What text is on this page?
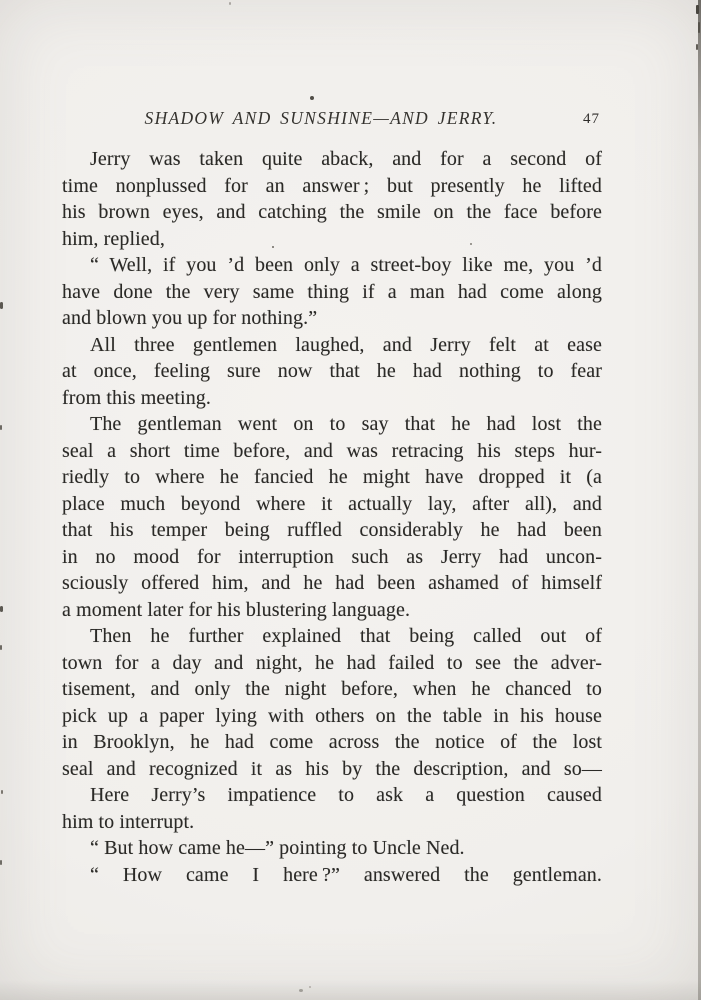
SHADOW AND SUNSHINE—AND JERRY.	47

Jerry was taken quite aback, and for a second of
time nonplussed for an answer ; but presently he lifted
his brown eyes, and catching the smile on the face before
him, replied,

“ Well, if you ’d been only a street-boy like me, you ’d
have done the very same thing if a man had come along
and blown you up for nothing.”

All three gentlemen laughed, and Jerry felt at ease
at once, feeling sure now that he had nothing to fear
from this meeting.

The gentleman went on to say that he had lost the
seal a short time before, and was retracing his steps hur-
riedly to where he fancied he might have dropped it (a
place much beyond where it actually lay, after all), and
that his temper being ruffled considerably he had been
in no mood for interruption such as Jerry had uncon-
sciously offered him, and he had been ashamed of himself
a moment later for his blustering language.

Then he further explained that being called out of
town for a day and night, he had failed to see the adver-
tisement, and only the night before, when he chanced to
pick up a paper lying with others on the table in his house
in Brooklyn, he had come across the notice of the lost
seal and recognized it as his by the description, and so—

Here Jerry’s impatience to ask a question caused
him to interrupt.

“ But how came he—” pointing to Uncle Ned.

“ How came I here ?” answered the gentleman.
